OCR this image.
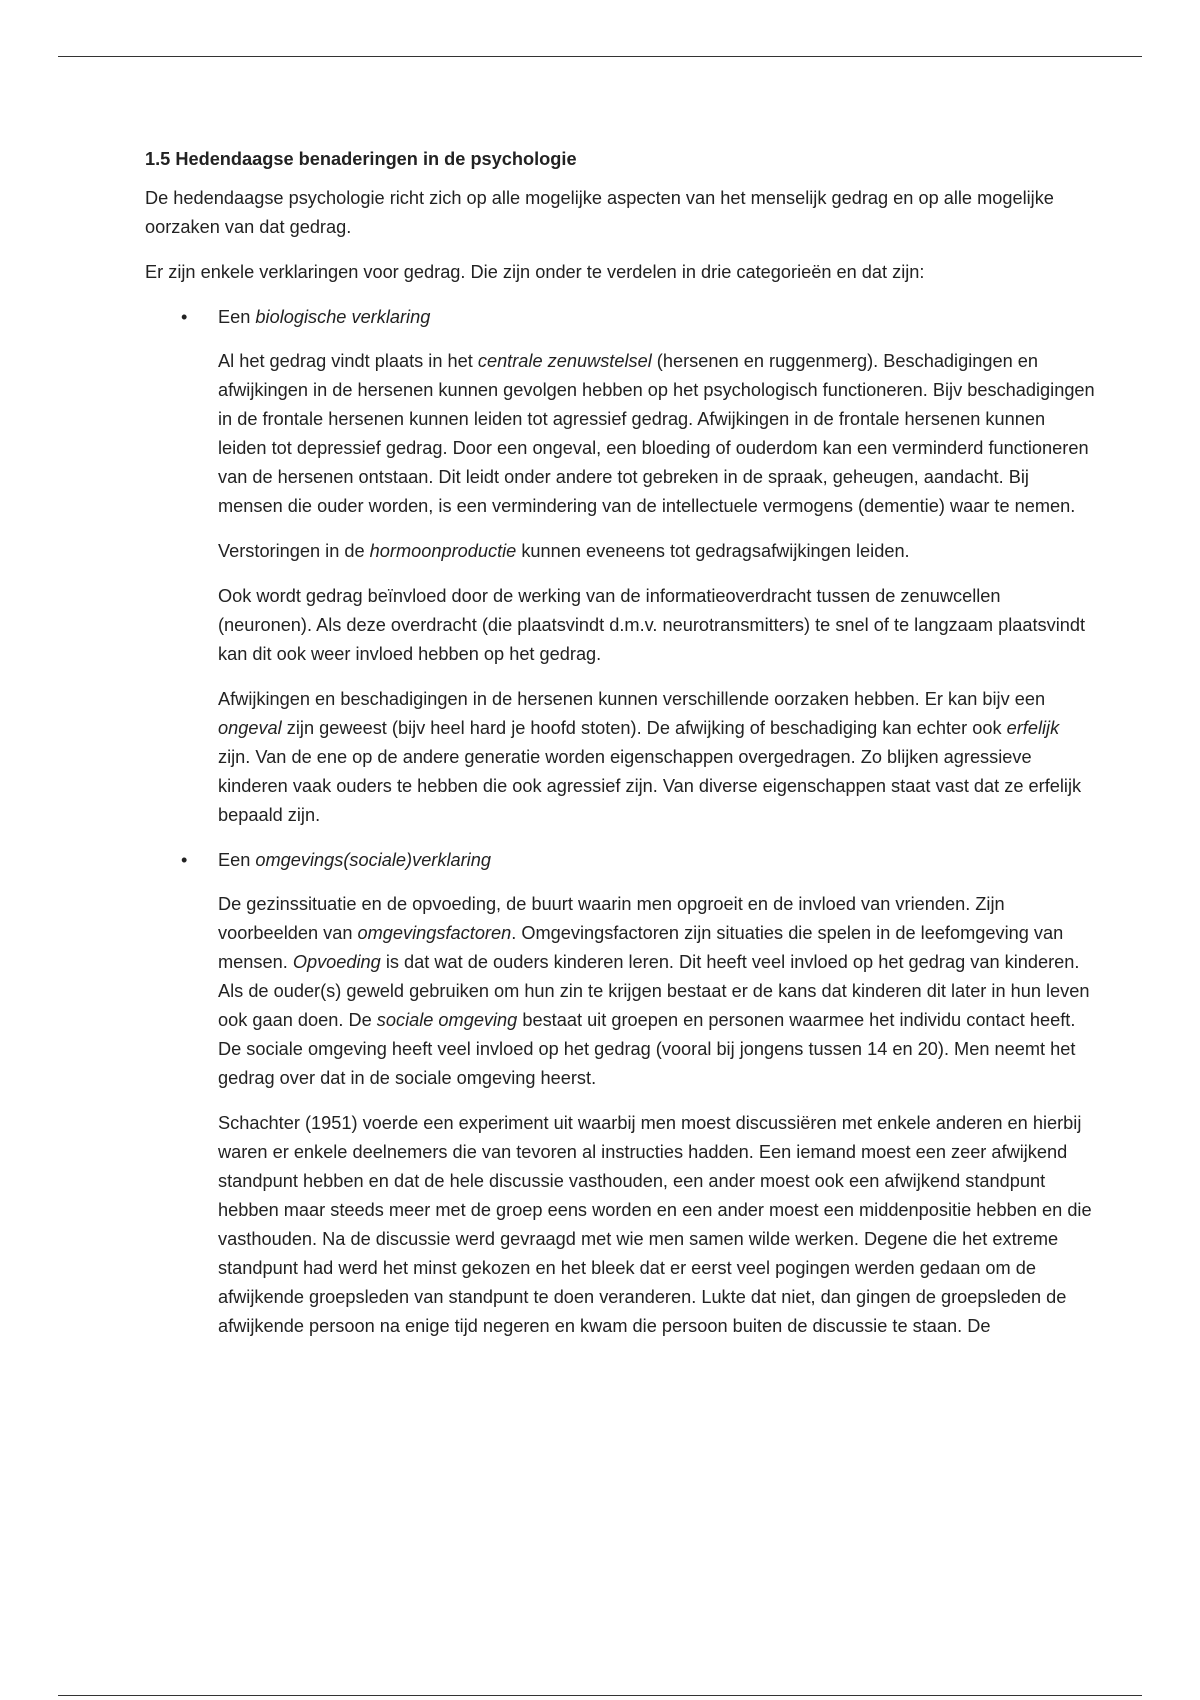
1.5 Hedendaagse benaderingen in de psychologie

De hedendaagse psychologie richt zich op alle mogelijke aspecten van het menselijk gedrag en op alle mogelijke oorzaken van dat gedrag.

Er zijn enkele verklaringen voor gedrag. Die zijn onder te verdelen in drie categorieën en dat zijn:

• Een biologische verklaring

Al het gedrag vindt plaats in het centrale zenuwstelsel (hersenen en ruggenmerg). Beschadigingen en afwijkingen in de hersenen kunnen gevolgen hebben op het psychologisch functioneren. Bijv beschadigingen in de frontale hersenen kunnen leiden tot agressief gedrag. Afwijkingen in de frontale hersenen kunnen leiden tot depressief gedrag. Door een ongeval, een bloeding of ouderdom kan een verminderd functioneren van de hersenen ontstaan. Dit leidt onder andere tot gebreken in de spraak, geheugen, aandacht. Bij mensen die ouder worden, is een vermindering van de intellectuele vermogens (dementie) waar te nemen.

Verstoringen in de hormoonproductie kunnen eveneens tot gedragsafwijkingen leiden.

Ook wordt gedrag beïnvloed door de werking van de informatieoverdracht tussen de zenuwcellen (neuronen). Als deze overdracht (die plaatsvindt d.m.v. neurotransmitters) te snel of te langzaam plaatsvindt kan dit ook weer invloed hebben op het gedrag.

Afwijkingen en beschadigingen in de hersenen kunnen verschillende oorzaken hebben. Er kan bijv een ongeval zijn geweest (bijv heel hard je hoofd stoten). De afwijking of beschadiging kan echter ook erfelijk zijn. Van de ene op de andere generatie worden eigenschappen overgedragen. Zo blijken agressieve kinderen vaak ouders te hebben die ook agressief zijn. Van diverse eigenschappen staat vast dat ze erfelijk bepaald zijn.

• Een omgevings(sociale)verklaring

De gezinssituatie en de opvoeding, de buurt waarin men opgroeit en de invloed van vrienden. Zijn voorbeelden van omgevingsfactoren. Omgevingsfactoren zijn situaties die spelen in de leefomgeving van mensen. Opvoeding is dat wat de ouders kinderen leren. Dit heeft veel invloed op het gedrag van kinderen. Als de ouder(s) geweld gebruiken om hun zin te krijgen bestaat er de kans dat kinderen dit later in hun leven ook gaan doen. De sociale omgeving bestaat uit groepen en personen waarmee het individu contact heeft. De sociale omgeving heeft veel invloed op het gedrag (vooral bij jongens tussen 14 en 20). Men neemt het gedrag over dat in de sociale omgeving heerst.

Schachter (1951) voerde een experiment uit waarbij men moest discussiëren met enkele anderen en hierbij waren er enkele deelnemers die van tevoren al instructies hadden. Een iemand moest een zeer afwijkend standpunt hebben en dat de hele discussie vasthouden, een ander moest ook een afwijkend standpunt hebben maar steeds meer met de groep eens worden en een ander moest een middenpositie hebben en die vasthouden. Na de discussie werd gevraagd met wie men samen wilde werken. Degene die het extreme standpunt had werd het minst gekozen en het bleek dat er eerst veel pogingen werden gedaan om de afwijkende groepsleden van standpunt te doen veranderen. Lukte dat niet, dan gingen de groepsleden de afwijkende persoon na enige tijd negeren en kwam die persoon buiten de discussie te staan. De
